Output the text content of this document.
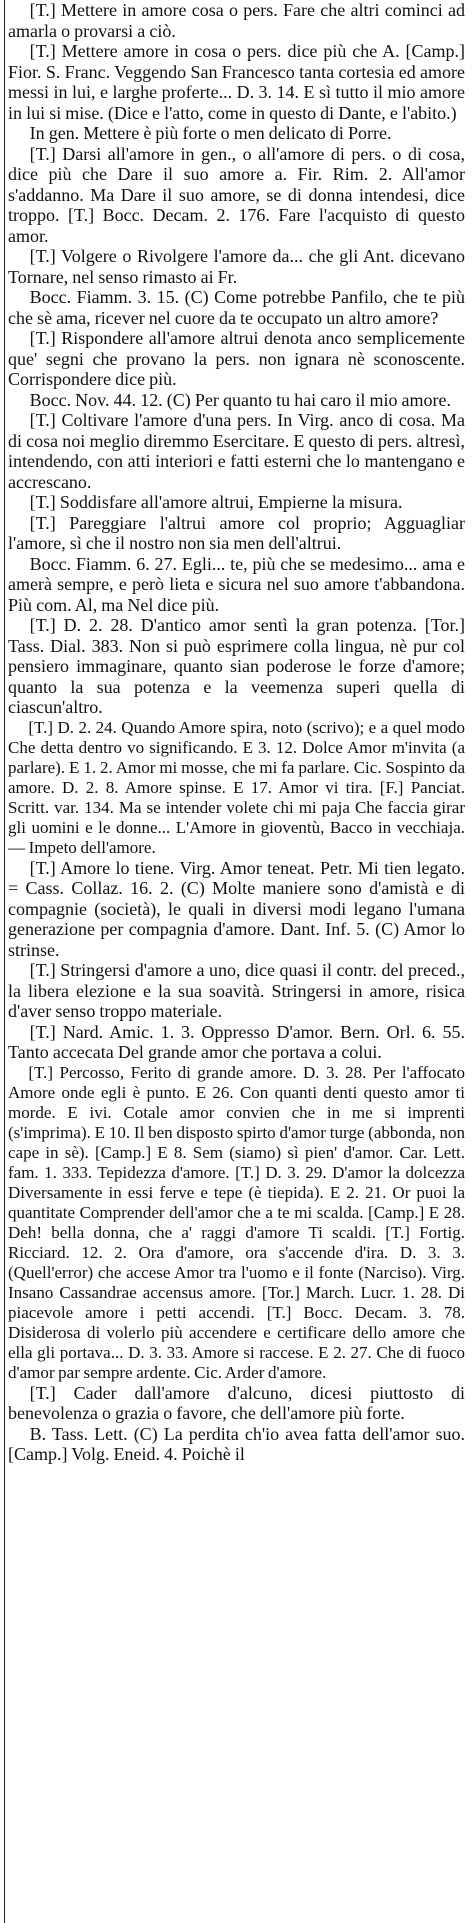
[T.] Mettere in amore cosa o pers. Fare che altri cominci ad amarla o provarsi a ciò.

[T.] Mettere amore in cosa o pers. dice più che A. [Camp.] Fior. S. Franc. Veggendo San Francesco tanta cortesia ed amore messi in lui, e larghe proferte... D. 3. 14. E sì tutto il mio amore in lui si mise. (Dice e l'atto, come in questo di Dante, e l'abito.)

In gen. Mettere è più forte o men delicato di Porre.

[T.] Darsi all'amore in gen., o all'amore di pers. o di cosa, dice più che Dare il suo amore a. Fir. Rim. 2. All'amor s'addanno. Ma Dare il suo amore, se di donna intendesi, dice troppo. [T.] Bocc. Decam. 2. 176. Fare l'acquisto di questo amor.

[T.] Volgere o Rivolgere l'amore da... che gli Ant. dicevano Tornare, nel senso rimasto ai Fr.

Bocc. Fiamm. 3. 15. (C) Come potrebbe Panfilo, che te più che sè ama, ricever nel cuore da te occupato un altro amore?

[T.] Rispondere all'amore altrui denota anco semplicemente que' segni che provano la pers. non ignara nè sconoscente. Corrispondere dice più.

Bocc. Nov. 44. 12. (C) Per quanto tu hai caro il mio amore.

[T.] Coltivare l'amore d'una pers. In Virg. anco di cosa. Ma di cosa noi meglio diremmo Esercitare. E questo di pers. altresì, intendendo, con atti interiori e fatti esterni che lo mantengano e accrescano.

[T.] Soddisfare all'amore altrui, Empierne la misura.

[T.] Pareggiare l'altrui amore col proprio; Agguagliar l'amore, sì che il nostro non sia men dell'altrui.

Bocc. Fiamm. 6. 27. Egli... te, più che se medesimo... ama e amerà sempre, e però lieta e sicura nel suo amore t'abbandona. Più com. Al, ma Nel dice più.

[T.] D. 2. 28. D'antico amor sentì la gran potenza. [Tor.] Tass. Dial. 383. Non si può esprimere colla lingua, nè pur col pensiero immaginare, quanto sian poderose le forze d'amore; quanto la sua potenza e la veemenza superi quella di ciascun'altro.

[T.] D. 2. 24. Quando Amore spira, noto (scrivo); e a quel modo Che detta dentro vo significando. E 3. 12. Dolce Amor m'invita (a parlare). E 1. 2. Amor mi mosse, che mi fa parlare. Cic. Sospinto da amore. D. 2. 8. Amore spinse. E 17. Amor vi tira. [F.] Panciat. Scritt. var. 134. Ma se intender volete chi mi paja Che faccia girar gli uomini e le donne... L'Amore in gioventù, Bacco in vecchiaja. — Impeto dell'amore.

[T.] Amore lo tiene. Virg. Amor teneat. Petr. Mi tien legato. = Cass. Collaz. 16. 2. (C) Molte maniere sono d'amistà e di compagnie (società), le quali in diversi modi legano l'umana generazione per compagnia d'amore. Dant. Inf. 5. (C) Amor lo strinse.

[T.] Stringersi d'amore a uno, dice quasi il contr. del preced., la libera elezione e la sua soavità. Stringersi in amore, risica d'aver senso troppo materiale.

[T.] Nard. Amic. 1. 3. Oppresso D'amor. Bern. Orl. 6. 55. Tanto accecata Del grande amor che portava a colui.

[T.] Percosso, Ferito di grande amore. D. 3. 28. Per l'affocato Amore onde egli è punto. E 26. Con quanti denti questo amor ti morde. E ivi. Cotale amor convien che in me si imprenti (s'imprima). E 10. Il ben disposto spirto d'amor turge (abbonda, non cape in sè). [Camp.] E 8. Sem (siamo) sì pien' d'amor. Car. Lett. fam. 1. 333. Tepidezza d'amore. [T.] D. 3. 29. D'amor la dolcezza Diversamente in essi ferve e tepe (è tiepida). E 2. 21. Or puoi la quantitate Comprender dell'amor che a te mi scalda. [Camp.] E 28. Deh! bella donna, che a' raggi d'amore Ti scaldi. [T.] Fortig. Ricciard. 12. 2. Ora d'amore, ora s'accende d'ira. D. 3. 3. (Quell'error) che accese Amor tra l'uomo e il fonte (Narciso). Virg. Insano Cassandrae accensus amore. [Tor.] March. Lucr. 1. 28. Di piacevole amore i petti accendi. [T.] Bocc. Decam. 3. 78. Disiderosa di volerlo più accendere e certificare dello amore che ella gli portava... D. 3. 33. Amore si raccese. E 2. 27. Che di fuoco d'amor par sempre ardente. Cic. Arder d'amore.

[T.] Cader dall'amore d'alcuno, dicesi piuttosto di benevolenza o grazia o favore, che dell'amore più forte.

B. Tass. Lett. (C) La perdita ch'io avea fatta dell'amor suo. [Camp.] Volg. Eneid. 4. Poichè il
